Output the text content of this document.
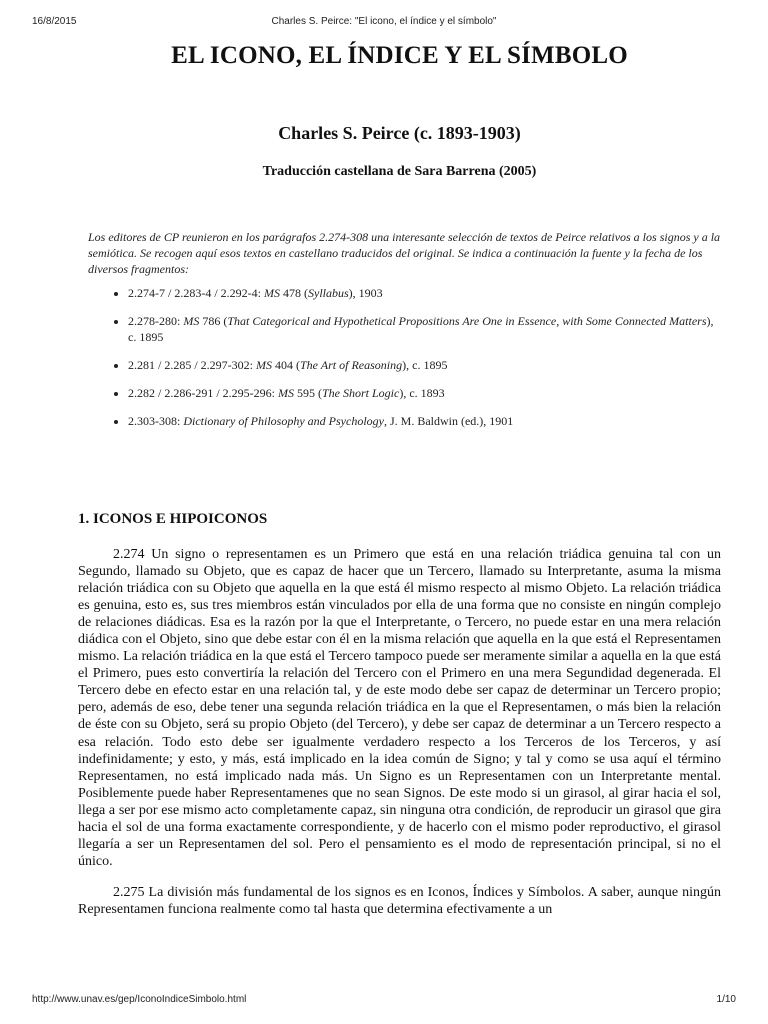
16/8/2015	Charles S. Peirce: "El icono, el índice y el símbolo"
EL ICONO, EL ÍNDICE Y EL SÍMBOLO
Charles S. Peirce (c. 1893-1903)
Traducción castellana de Sara Barrena (2005)
Los editores de CP reunieron en los parágrafos 2.274-308 una interesante selección de textos de Peirce relativos a los signos y a la semiótica. Se recogen aquí esos textos en castellano traducidos del original. Se indica a continuación la fuente y la fecha de los diversos fragmentos:
• 2.274-7 / 2.283-4 / 2.292-4: MS 478 (Syllabus), 1903
• 2.278-280: MS 786 (That Categorical and Hypothetical Propositions Are One in Essence, with Some Connected Matters), c. 1895
• 2.281 / 2.285 / 2.297-302: MS 404 (The Art of Reasoning), c. 1895
• 2.282 / 2.286-291 / 2.295-296: MS 595 (The Short Logic), c. 1893
• 2.303-308: Dictionary of Philosophy and Psychology, J. M. Baldwin (ed.), 1901
1. ICONOS E HIPOICONOS

2.274 Un signo o representamen es un Primero que está en una relación triádica genuina tal con un Segundo, llamado su Objeto, que es capaz de hacer que un Tercero, llamado su Interpretante, asuma la misma relación triádica con su Objeto que aquella en la que está él mismo respecto al mismo Objeto. La relación triádica es genuina, esto es, sus tres miembros están vinculados por ella de una forma que no consiste en ningún complejo de relaciones diádicas. Esa es la razón por la que el Interpretante, o Tercero, no puede estar en una mera relación diádica con el Objeto, sino que debe estar con él en la misma relación que aquella en la que está el Representamen mismo. La relación triádica en la que está el Tercero tampoco puede ser meramente similar a aquella en la que está el Primero, pues esto convertiría la relación del Tercero con el Primero en una mera Segundidad degenerada. El Tercero debe en efecto estar en una relación tal, y de este modo debe ser capaz de determinar un Tercero propio; pero, además de eso, debe tener una segunda relación triádica en la que el Representamen, o más bien la relación de éste con su Objeto, será su propio Objeto (del Tercero), y debe ser capaz de determinar a un Tercero respecto a esa relación. Todo esto debe ser igualmente verdadero respecto a los Terceros de los Terceros, y así indefinidamente; y esto, y más, está implicado en la idea común de Signo; y tal y como se usa aquí el término Representamen, no está implicado nada más. Un Signo es un Representamen con un Interpretante mental. Posiblemente puede haber Representamenes que no sean Signos. De este modo si un girasol, al girar hacia el sol, llega a ser por ese mismo acto completamente capaz, sin ninguna otra condición, de reproducir un girasol que gira hacia el sol de una forma exactamente correspondiente, y de hacerlo con el mismo poder reproductivo, el girasol llegaría a ser un Representamen del sol. Pero el pensamiento es el modo de representación principal, si no el único.

2.275 La división más fundamental de los signos es en Iconos, Índices y Símbolos. A saber, aunque ningún Representamen funciona realmente como tal hasta que determina efectivamente a un
http://www.unav.es/gep/IconoIndiceSimbolo.html	1/10
